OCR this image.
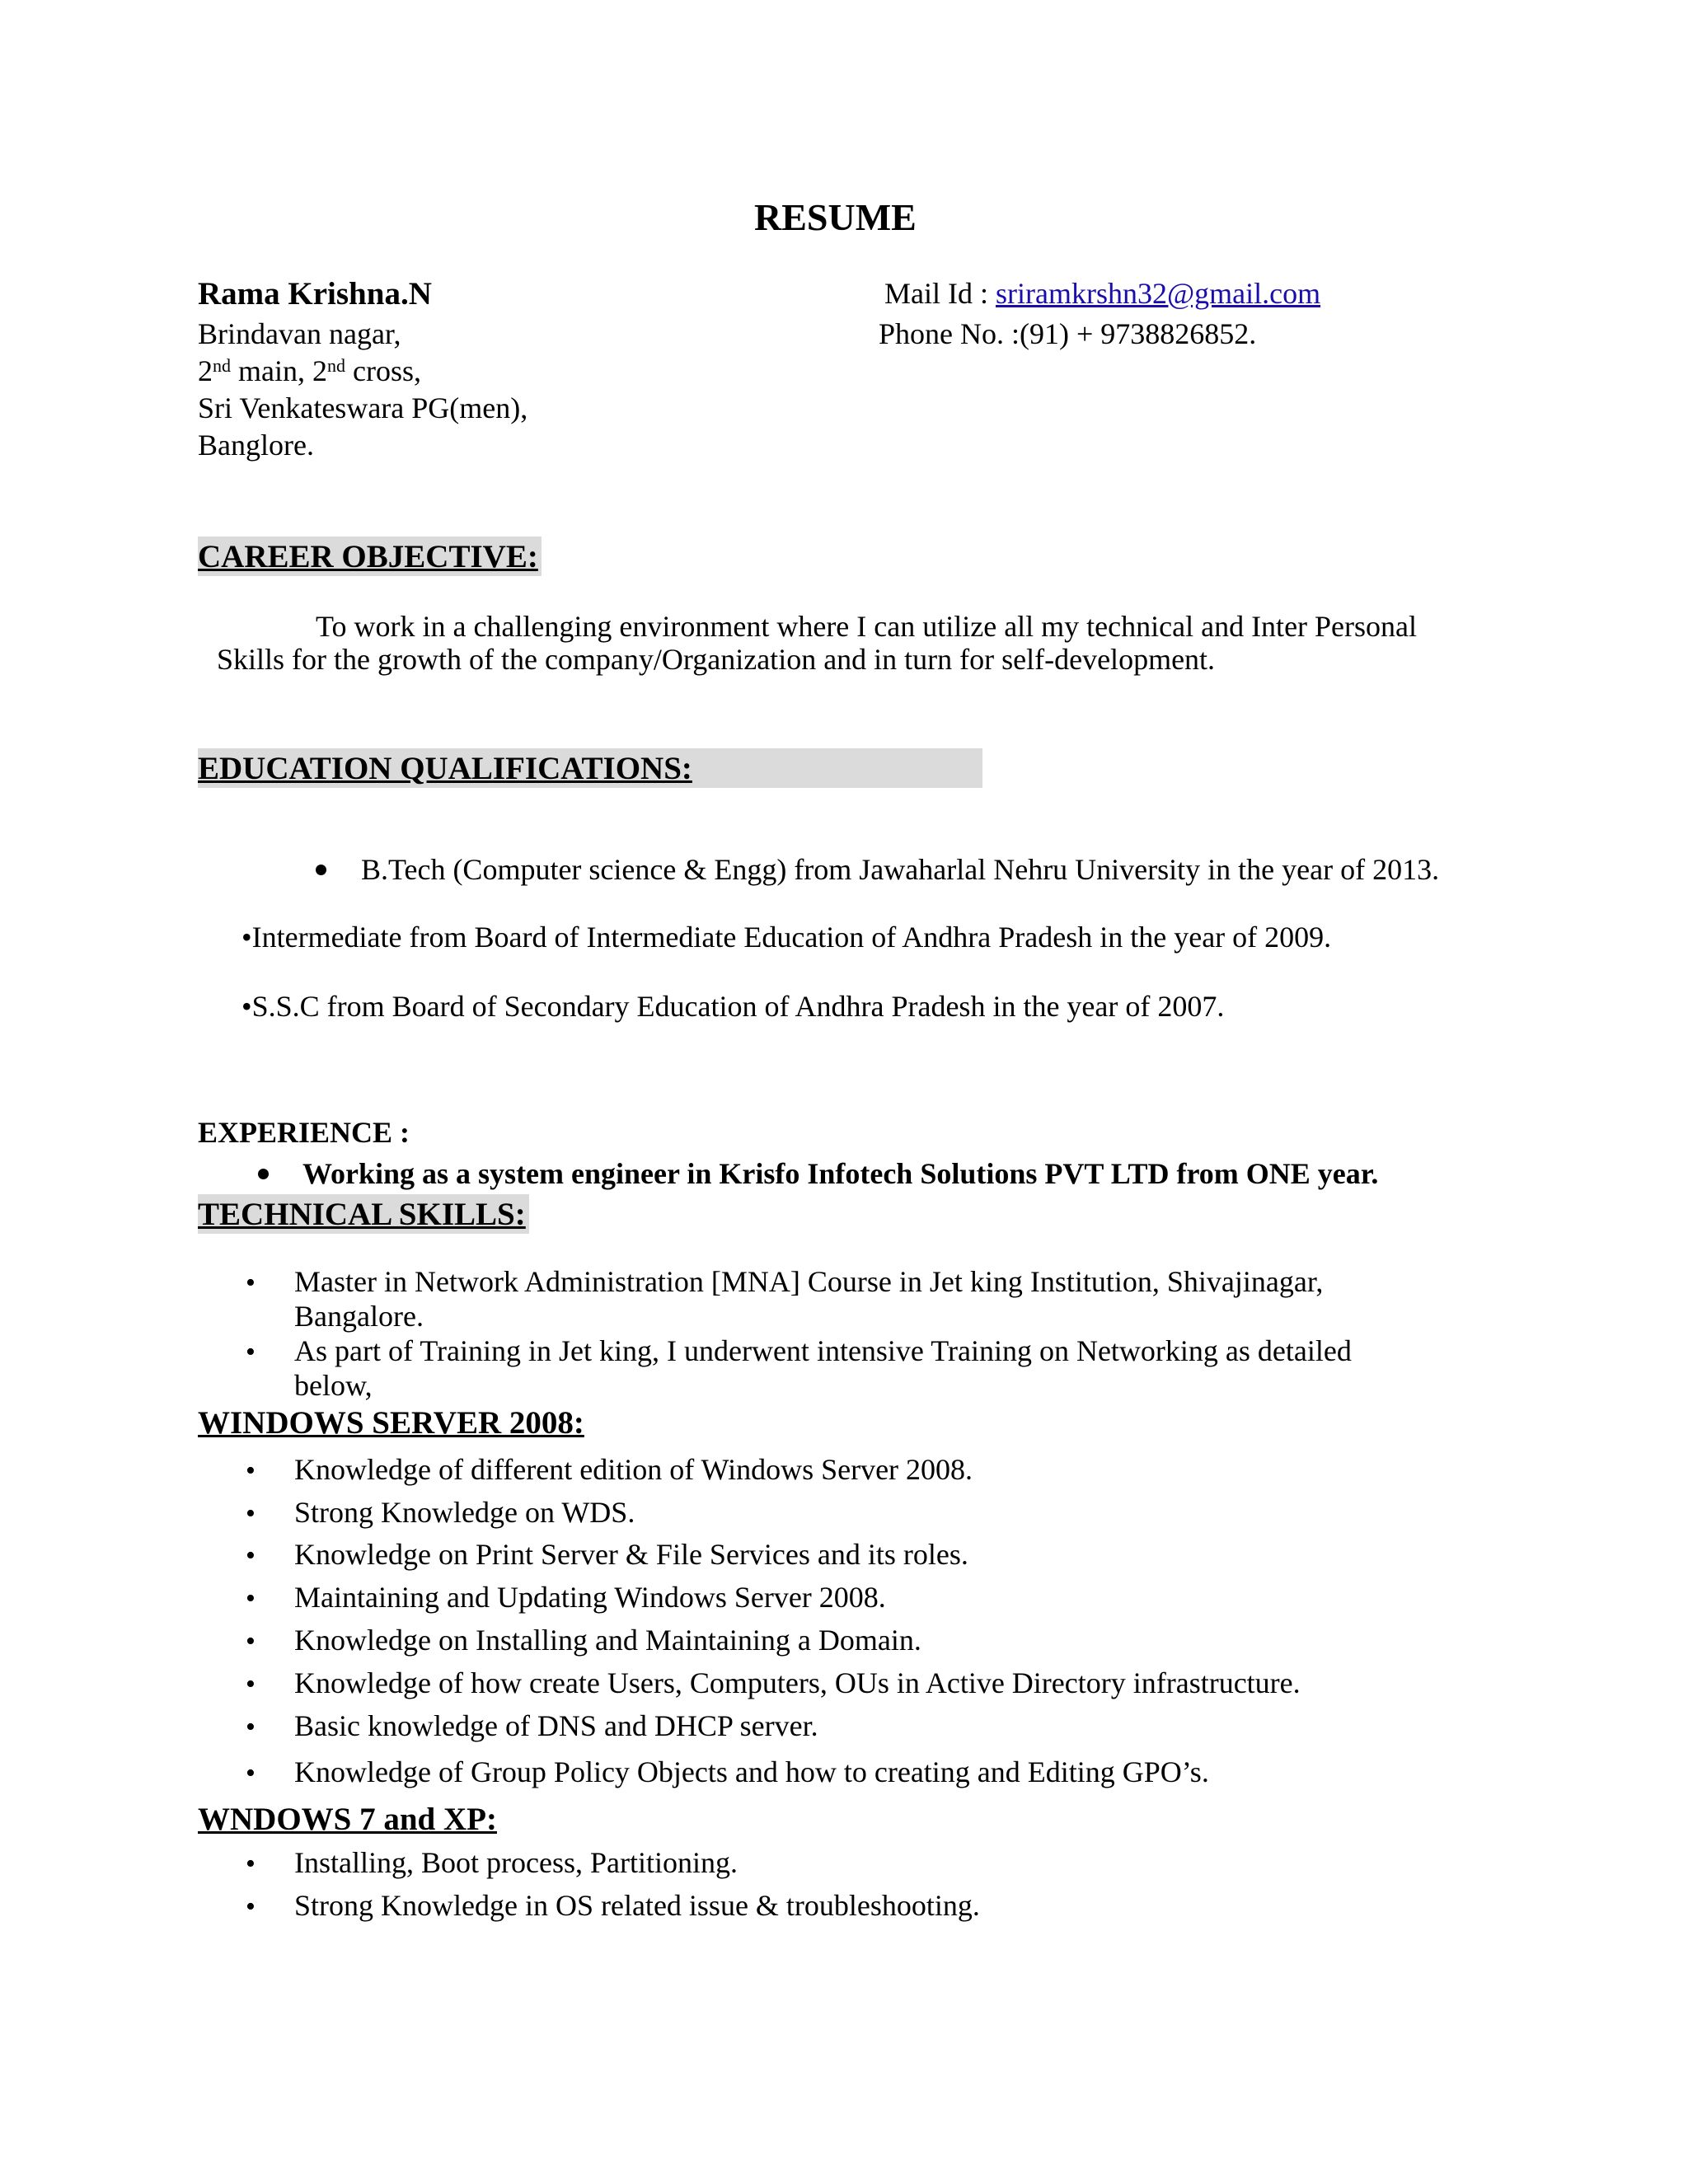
RESUME
Rama Krishna.N	Mail Id : sriramkrshn32@gmail.com
Brindavan nagar,	Phone No. :(91) + 9738826852.
2nd main, 2nd cross,
Sri Venkateswara PG(men),
Banglore.
CAREER OBJECTIVE:
To work in a challenging environment where I can utilize all my technical and Inter Personal
Skills for the growth of the company/Organization and in turn for self-development.
EDUCATION QUALIFICATIONS:
B.Tech (Computer science & Engg) from Jawaharlal Nehru University in the year of 2013.
•Intermediate from Board of Intermediate Education of Andhra Pradesh in the year of 2009.
•S.S.C from Board of Secondary Education of Andhra Pradesh in the year of 2007.
EXPERIENCE :
Working as a system engineer in Krisfo Infotech Solutions PVT LTD from ONE year.
TECHNICAL SKILLS:
• Master in Network Administration [MNA] Course in Jet king Institution, Shivajinagar,
Bangalore.
• As part of Training in Jet king, I underwent intensive Training on Networking as detailed
below,
WINDOWS SERVER 2008:
• Knowledge of different edition of Windows Server 2008.
• Strong Knowledge on WDS.
• Knowledge on Print Server & File Services and its roles.
• Maintaining and Updating Windows Server 2008.
• Knowledge on Installing and Maintaining a Domain.
• Knowledge of how create Users, Computers, OUs in Active Directory infrastructure.
• Basic knowledge of DNS and DHCP server.
• Knowledge of Group Policy Objects and how to creating and Editing GPO’s.
WNDOWS 7 and XP:
• Installing, Boot process, Partitioning.
• Strong Knowledge in OS related issue & troubleshooting.
